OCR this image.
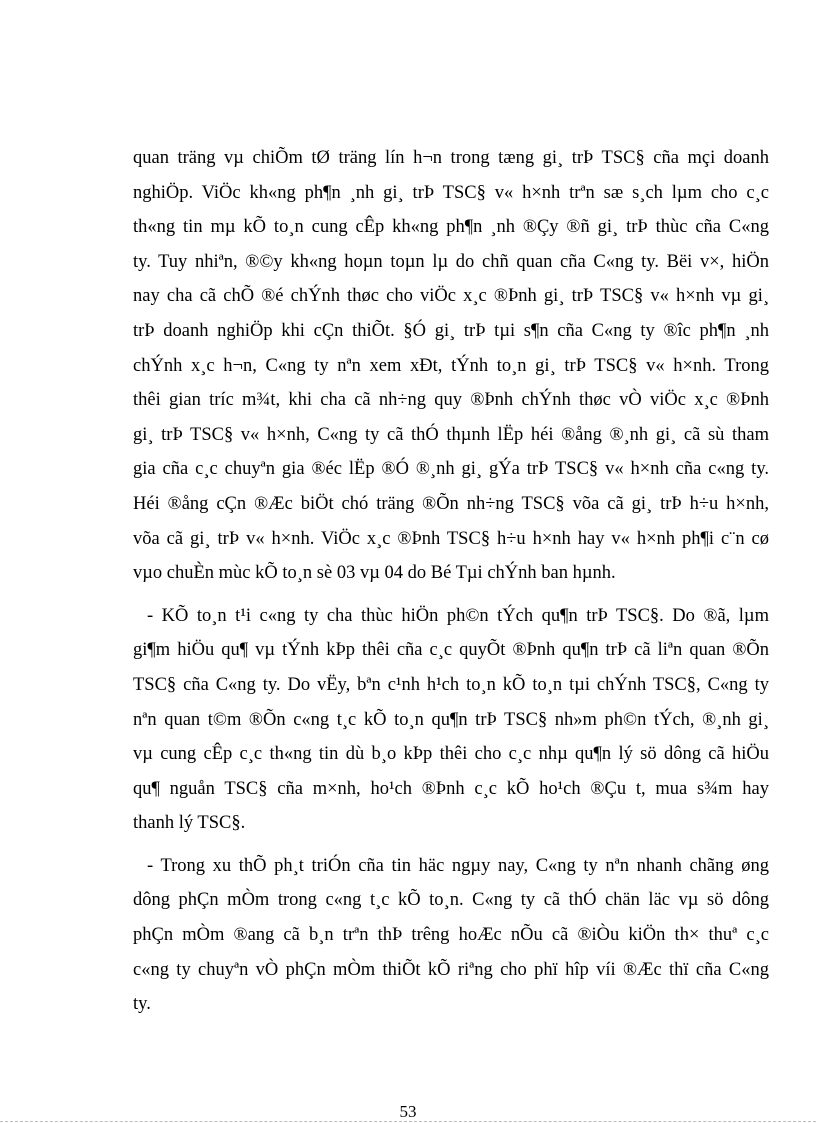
quan träng vµ chiÕm tØ träng lín h¬n trong tæng gi¸ trÞ TSC§ cña mçi doanh
nghiÖp. ViÖc kh«ng ph¶n ¸nh gi¸ trÞ TSC§ v« h×nh trªn sæ s¸ch lµm cho c¸c
th«ng tin mµ kÕ to¸n cung cÊp kh«ng ph¶n ¸nh ®Çy ®ñ gi¸ trÞ thùc cña C«ng
ty. Tuy nhiªn, ®©y kh«ng hoµn toµn lµ do chñ quan cña C«ng ty. Bëi v×, hiÖn
nay cha cã chÕ ®é chÝnh thøc cho viÖc x¸c ®Þnh gi¸ trÞ TSC§ v« h×nh vµ gi¸
trÞ doanh nghiÖp khi cÇn thiÕt. §Ó gi¸ trÞ tµi s¶n cña C«ng ty ®îc ph¶n ¸nh
chÝnh x¸c h¬n, C«ng ty nªn xem xÐt, tÝnh to¸n gi¸ trÞ TSC§ v« h×nh. Trong
thêi gian tríc m¾t, khi cha cã nh÷ng quy ®Þnh chÝnh thøc vÒ viÖc x¸c ®Þnh
gi¸ trÞ TSC§ v« h×nh, C«ng ty cã thÓ thµnh lËp héi ®ång ®¸nh gi¸ cã sù tham
gia cña c¸c chuyªn gia ®éc lËp ®Ó ®¸nh gi¸ gÝa trÞ TSC§ v« h×nh cña c«ng ty.
Héi ®ång cÇn ®Æc biÖt chó träng ®Õn nh÷ng TSC§ võa cã gi¸ trÞ h÷u h×nh,
võa cã gi¸ trÞ v« h×nh. ViÖc x¸c ®Þnh TSC§ h÷u h×nh hay v« h×nh ph¶i c¨n cø
vµo chuÈn mùc kÕ to¸n sè 03 vµ 04 do Bé Tµi chÝnh ban hµnh.
- KÕ to¸n t¹i c«ng ty cha thùc hiÖn ph©n tÝch qu¶n trÞ TSC§. Do ®ã, lµm
gi¶m hiÖu qu¶ vµ tÝnh kÞp thêi cña c¸c quyÕt ®Þnh qu¶n trÞ cã liªn quan ®Õn
TSC§ cña C«ng ty. Do vËy, bªn c¹nh h¹ch to¸n kÕ to¸n tµi chÝnh TSC§, C«ng ty
nªn quan t©m ®Õn c«ng t¸c kÕ to¸n qu¶n trÞ TSC§ nh»m ph©n tÝch, ®¸nh gi¸
vµ cung cÊp c¸c th«ng tin dù b¸o kÞp thêi cho c¸c nhµ qu¶n lý sö dông cã hiÖu
qu¶ nguån TSC§ cña m×nh, ho¹ch ®Þnh c¸c kÕ ho¹ch ®Çu t, mua s¾m hay
thanh lý TSC§.
- Trong xu thÕ ph¸t triÓn cña tin häc ngµy nay, C«ng ty nªn nhanh chãng øng
dông phÇn mÒm trong c«ng t¸c kÕ to¸n. C«ng ty cã thÓ chän läc vµ sö dông
phÇn mÒm ®ang cã b¸n trªn thÞ trêng hoÆc nÕu cã ®iÒu kiÖn th× thuª c¸c
c«ng ty chuyªn vÒ phÇn mÒm thiÕt kÕ riªng cho phï hîp víi ®Æc thï cña C«ng
ty.
53
